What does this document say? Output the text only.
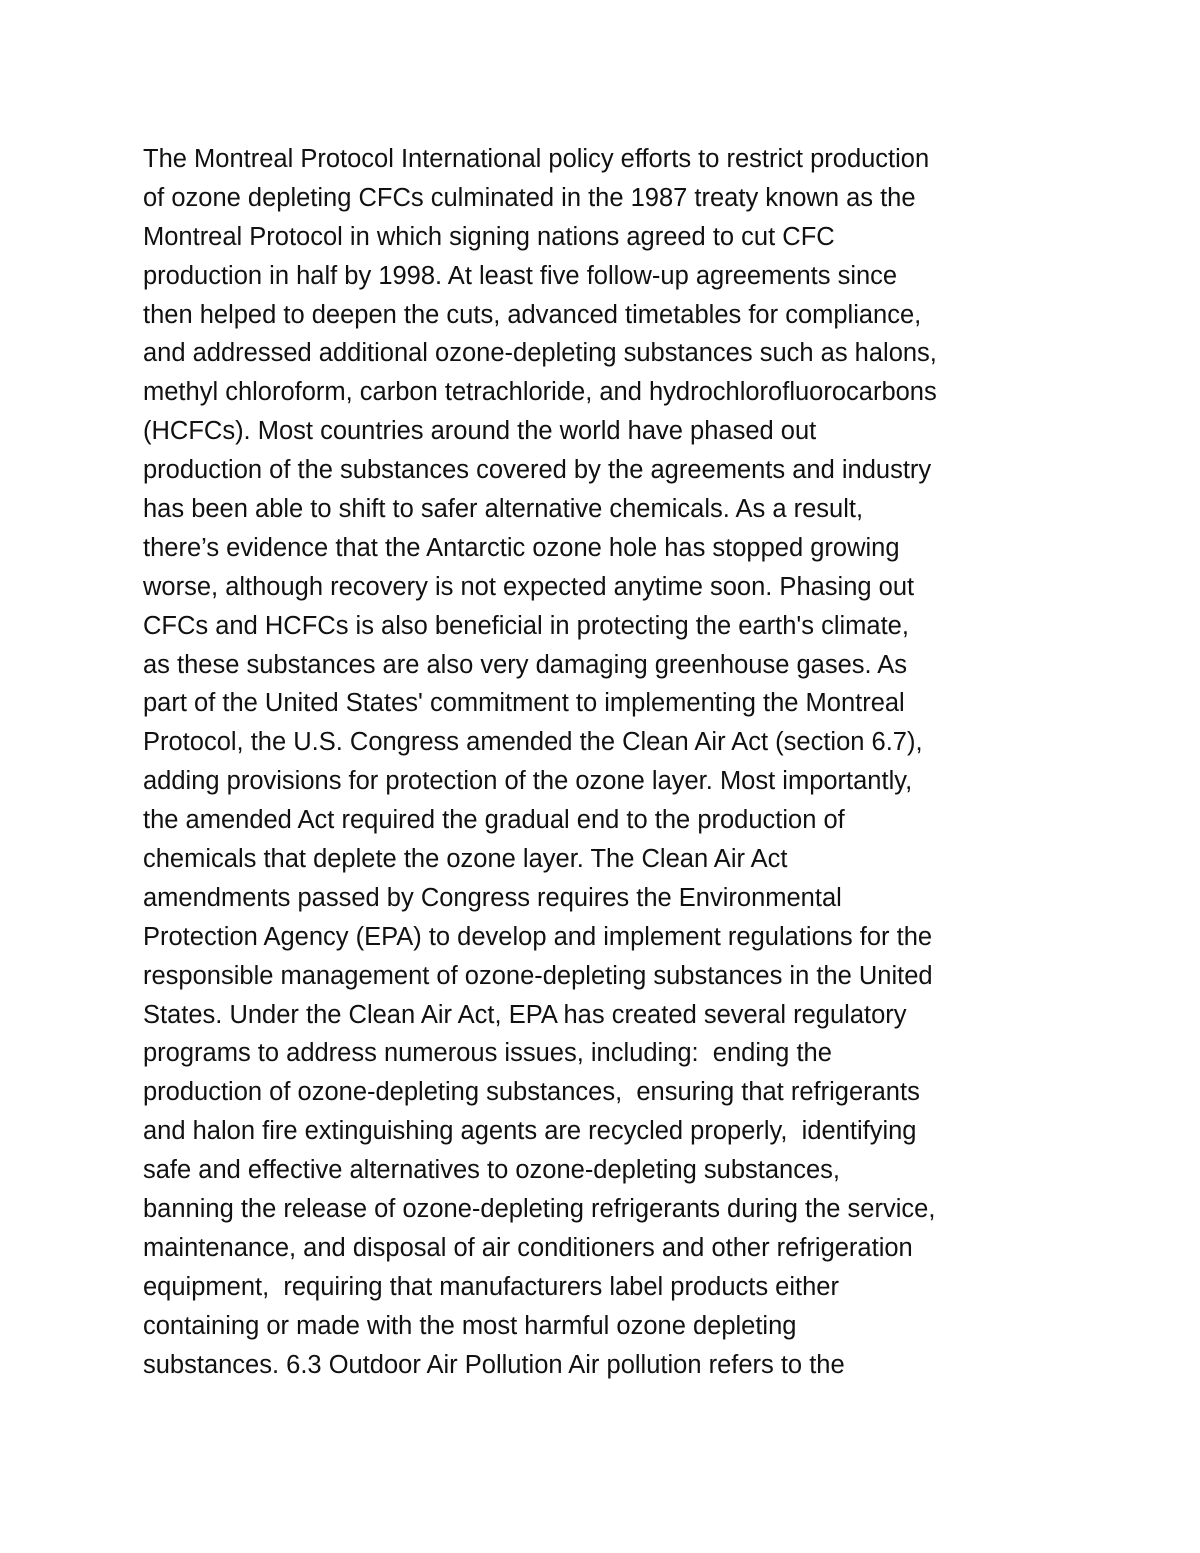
The Montreal Protocol International policy efforts to restrict production
of ozone depleting CFCs culminated in the 1987 treaty known as the
Montreal Protocol in which signing nations agreed to cut CFC
production in half by 1998. At least five follow-up agreements since
then helped to deepen the cuts, advanced timetables for compliance,
and addressed additional ozone-depleting substances such as halons,
methyl chloroform, carbon tetrachloride, and hydrochlorofluorocarbons
(HCFCs). Most countries around the world have phased out
production of the substances covered by the agreements and industry
has been able to shift to safer alternative chemicals. As a result,
there’s evidence that the Antarctic ozone hole has stopped growing
worse, although recovery is not expected anytime soon. Phasing out
CFCs and HCFCs is also beneficial in protecting the earth's climate,
as these substances are also very damaging greenhouse gases. As
part of the United States' commitment to implementing the Montreal
Protocol, the U.S. Congress amended the Clean Air Act (section 6.7),
adding provisions for protection of the ozone layer. Most importantly,
the amended Act required the gradual end to the production of
chemicals that deplete the ozone layer. The Clean Air Act
amendments passed by Congress requires the Environmental
Protection Agency (EPA) to develop and implement regulations for the
responsible management of ozone-depleting substances in the United
States. Under the Clean Air Act, EPA has created several regulatory
programs to address numerous issues, including:  ending the
production of ozone-depleting substances,  ensuring that refrigerants
and halon fire extinguishing agents are recycled properly,  identifying
safe and effective alternatives to ozone-depleting substances,
banning the release of ozone-depleting refrigerants during the service,
maintenance, and disposal of air conditioners and other refrigeration
equipment,  requiring that manufacturers label products either
containing or made with the most harmful ozone depleting
substances. 6.3 Outdoor Air Pollution Air pollution refers to the
